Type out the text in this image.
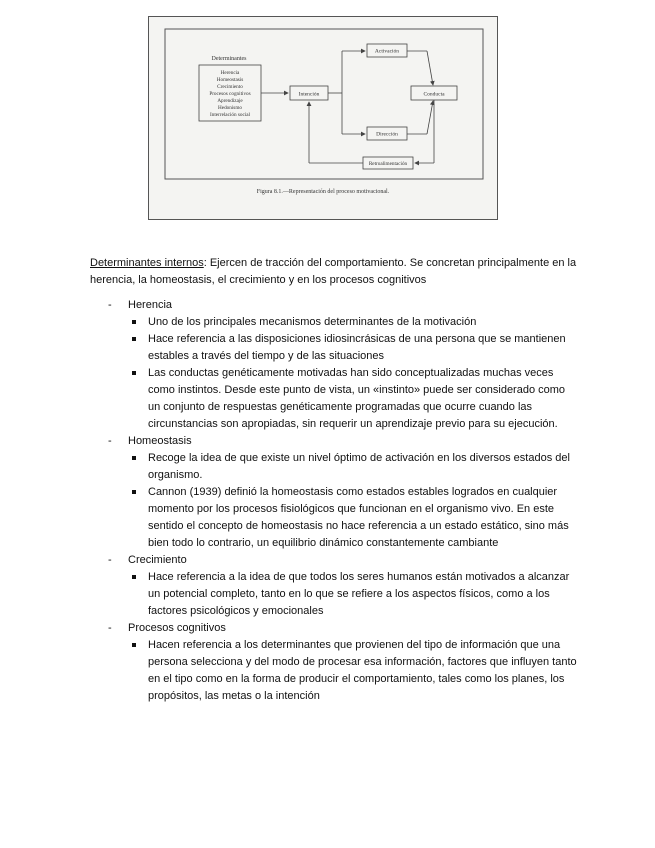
Determinantes
Herencia
Homeostasis
Crecimiento
Procesos cognitivos
Aprendizaje
Hedonismo
Interrelación social
Intención
Activación
Dirección
Conducta
Retroalimentación
Figura 8.1.—Representación del proceso motivacional.
Determinantes internos: Ejercen de tracción del comportamiento. Se concretan principalmente en la herencia, la homeostasis, el crecimiento y en los procesos cognitivos
- Herencia
Uno de los principales mecanismos determinantes de la motivación
Hace referencia a las disposiciones idiosincrásicas de una persona que se mantienen estables a través del tiempo y de las situaciones
Las conductas genéticamente motivadas han sido conceptualizadas muchas veces como instintos. Desde este punto de vista, un «instinto» puede ser considerado como un conjunto de respuestas genéticamente programadas que ocurre cuando las circunstancias son apropiadas, sin requerir un aprendizaje previo para su ejecución.
- Homeostasis
Recoge la idea de que existe un nivel óptimo de activación en los diversos estados del organismo.
Cannon (1939) definió la homeostasis como estados estables logrados en cualquier momento por los procesos fisiológicos que funcionan en el organismo vivo. En este sentido el concepto de homeostasis no hace referencia a un estado estático, sino más bien todo lo contrario, un equilibrio dinámico constantemente cambiante
- Crecimiento
Hace referencia a la idea de que todos los seres humanos están motivados a alcanzar un potencial completo, tanto en lo que se refiere a los aspectos físicos, como a los factores psicológicos y emocionales
- Procesos cognitivos
Hacen referencia a los determinantes que provienen del tipo de información que una persona selecciona y del modo de procesar esa información, factores que influyen tanto en el tipo como en la forma de producir el comportamiento, tales como los planes, los propósitos, las metas o la intención
